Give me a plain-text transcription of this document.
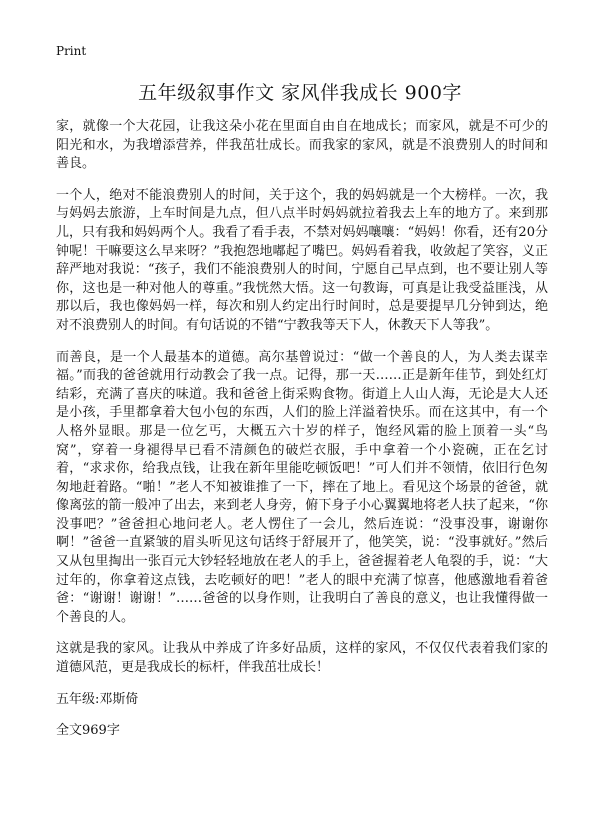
Print
五年级叙事作文 家风伴我成长 900字

家，就像一个大花园，让我这朵小花在里面自由自在地成长；而家风，就是不可少的阳光和水，为我增添营养，伴我茁壮成长。而我家的家风，就是不浪费别人的时间和善良。

一个人，绝对不能浪费别人的时间，关于这个，我的妈妈就是一个大榜样。一次，我与妈妈去旅游，上车时间是九点，但八点半时妈妈就拉着我去上车的地方了。来到那儿，只有我和妈妈两个人。我看了看手表，不禁对妈妈嚷嚷：“妈妈！你看，还有20分钟呢！干嘛要这么早来呀？”我抱怨地嘟起了嘴巴。妈妈看着我，收敛起了笑容，义正辞严地对我说：“孩子，我们不能浪费别人的时间，宁愿自己早点到，也不要让别人等你，这也是一种对他人的尊重。”我恍然大悟。这一句教诲，可真是让我受益匪浅，从那以后，我也像妈妈一样，每次和别人约定出行时间时，总是要提早几分钟到达，绝对不浪费别人的时间。有句话说的不错“宁教我等天下人，休教天下人等我”。

而善良，是一个人最基本的道德。高尔基曾说过：“做一个善良的人，为人类去谋幸福。”而我的爸爸就用行动教会了我一点。记得，那一天……正是新年佳节，到处红灯结彩，充满了喜庆的味道。我和爸爸上街采购食物。街道上人山人海，无论是大人还是小孩，手里都拿着大包小包的东西，人们的脸上洋溢着快乐。而在这其中，有一个人格外显眼。那是一位乞丐，大概五六十岁的样子，饱经风霜的脸上顶着一头“鸟窝”，穿着一身褪得早已看不清颜色的破烂衣服，手中拿着一个小瓷碗，正在乞讨着，“求求你，给我点钱，让我在新年里能吃顿饭吧！”可人们并不领情，依旧行色匆匆地赶着路。“啪！”老人不知被谁推了一下，摔在了地上。看见这个场景的爸爸，就像离弦的箭一般冲了出去，来到老人身旁，俯下身子小心翼翼地将老人扶了起来，“你没事吧？”爸爸担心地问老人。老人愣住了一会儿，然后连说：“没事没事，谢谢你啊！”爸爸一直紧皱的眉头听见这句话终于舒展开了，他笑笑，说：“没事就好。”然后又从包里掏出一张百元大钞轻轻地放在老人的手上，爸爸握着老人龟裂的手，说：“大过年的，你拿着这点钱，去吃顿好的吧！”老人的眼中充满了惊喜，他感激地看着爸爸：“谢谢！谢谢！”……爸爸的以身作则，让我明白了善良的意义，也让我懂得做一个善良的人。

这就是我的家风。让我从中养成了许多好品质，这样的家风，不仅仅代表着我们家的道德风范，更是我成长的标杆，伴我茁壮成长！

五年级:邓斯倚

全文969字
